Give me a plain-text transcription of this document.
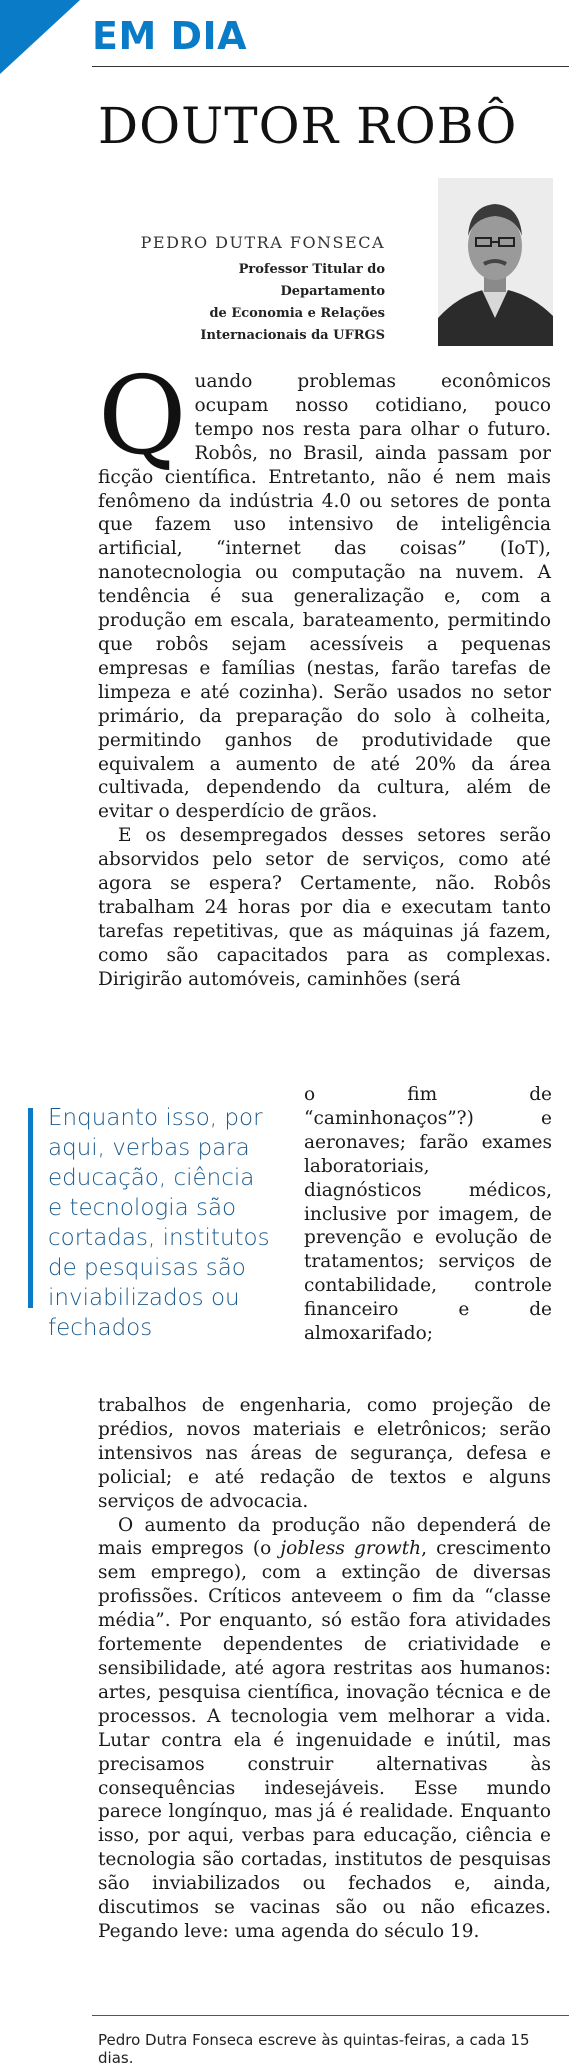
EM DIA
DOUTOR ROBÔ
PEDRO DUTRA FONSECA
Professor Titular do Departamento
de Economia e Relações
Internacionais da UFRGS

Q uando problemas econômicos ocupam nosso cotidiano, pouco tempo nos resta para olhar o futuro. Robôs, no Brasil, ainda passam por ficção científica. Entretanto, não é nem mais fenômeno da indústria 4.0 ou setores de ponta que fazem uso intensivo de inteligência artificial, “internet das coisas” (IoT), nanotecnologia ou computação na nuvem. A tendência é sua generalização e, com a produção em escala, barateamento, permitindo que robôs sejam acessíveis a pequenas empresas e famílias (nestas, farão tarefas de limpeza e até cozinha). Serão usados no setor primário, da preparação do solo à colheita, permitindo ganhos de produtividade que equivalem a aumento de até 20% da área cultivada, dependendo da cultura, além de evitar o desperdício de grãos.

E os desempregados desses setores serão absorvidos pelo setor de serviços, como até agora se espera? Certamente, não. Robôs trabalham 24 horas por dia e executam tanto tarefas repetitivas, que as máquinas já fazem, como são capacitados para as complexas. Dirigirão automóveis, caminhões (será

Enquanto isso, por aqui, verbas para educação, ciência e tecnologia são cortadas, institutos de pesquisas são inviabilizados ou fechados

o fim de “caminhonaços”?) e aeronaves; farão exames laboratoriais, diagnósticos médicos, inclusive por imagem, de prevenção e evolução de tratamentos; serviços de contabilidade, controle financeiro e de almoxarifado;

trabalhos de engenharia, como projeção de prédios, novos materiais e eletrônicos; serão intensivos nas áreas de segurança, defesa e policial; e até redação de textos e alguns serviços de advocacia.

O aumento da produção não dependerá de mais empregos (o jobless growth, crescimento sem emprego), com a extinção de diversas profissões. Críticos anteveem o fim da “classe média”. Por enquanto, só estão fora atividades fortemente dependentes de criatividade e sensibilidade, até agora restritas aos humanos: artes, pesquisa científica, inovação técnica e de processos. A tecnologia vem melhorar a vida. Lutar contra ela é ingenuidade e inútil, mas precisamos construir alternativas às consequências indesejáveis. Esse mundo parece longínquo, mas já é realidade. Enquanto isso, por aqui, verbas para educação, ciência e tecnologia são cortadas, institutos de pesquisas são inviabilizados ou fechados e, ainda, discutimos se vacinas são ou não eficazes. Pegando leve: uma agenda do século 19.

Pedro Dutra Fonseca escreve às quintas-feiras, a cada 15 dias.
